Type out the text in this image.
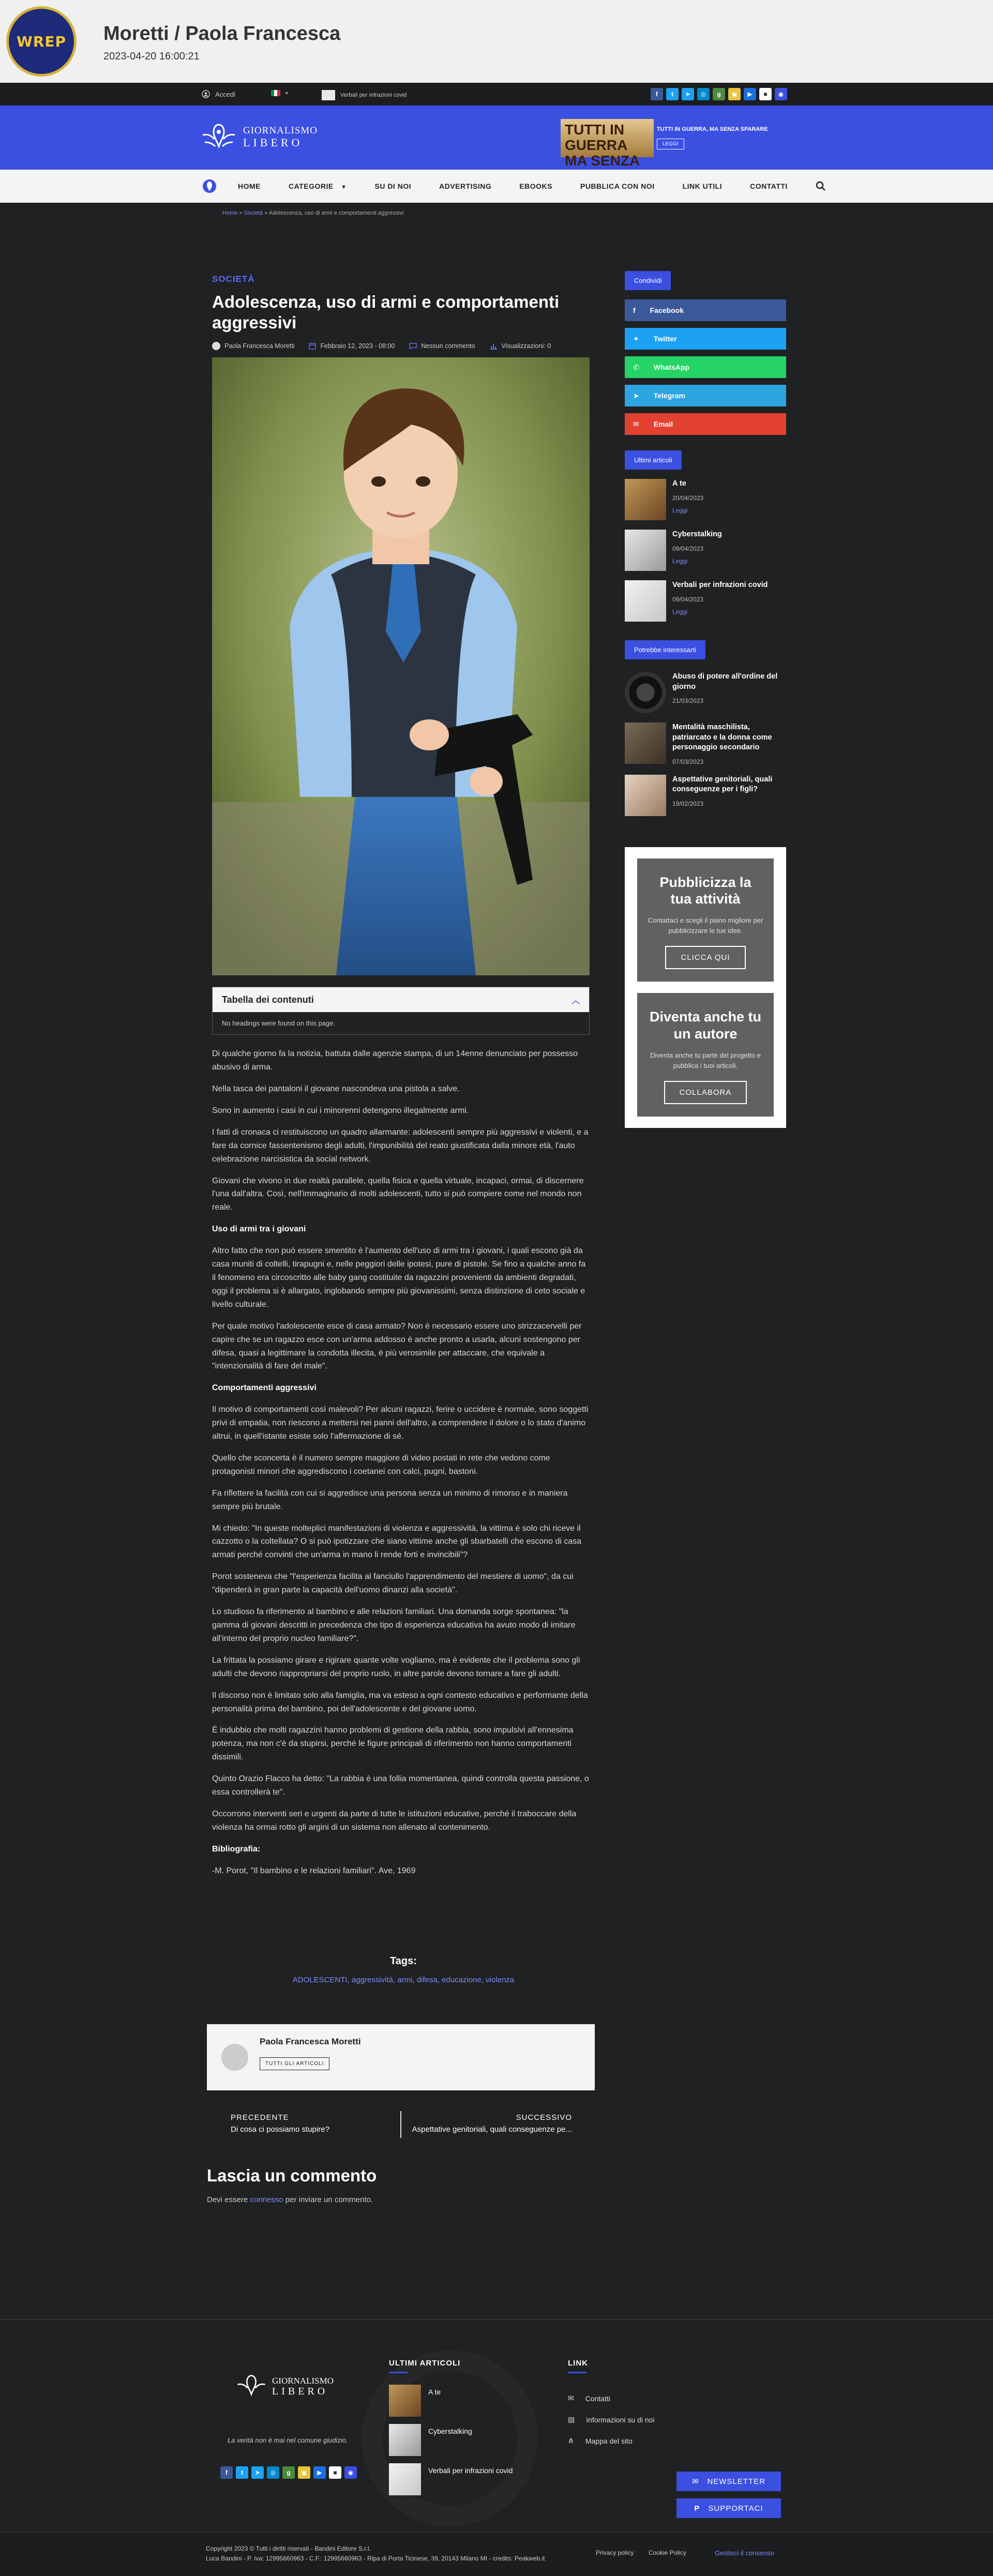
WREP Moretti / Paola Francesca
2023-04-20 16:00:21
Accedi	▾	Verbali per infrazioni covid	f	t	➤	◎	g	▣	▶	■	◉
GIORNALISMO
LIBERO
TUTTI IN GUERRA MA SENZA
TUTTI IN GUERRA, MA SENZA SPARARE
LEGGI
HOME	CATEGORIE ▼	SU DI NOI	ADVERTISING	EBOOKS	PUBBLICA CON NOI	LINK UTILI	CONTATTI
Home » Società » Adolescenza, uso di armi e comportamenti aggressivi
SOCIETÀ
Adolescenza, uso di armi e comportamenti aggressivi
Paola Francesca Moretti	Febbraio 12, 2023 - 08:00	Nessun commento	Visualizzazioni: 0
Tabella dei contenuti	︿
No headings were found on this page.

Di qualche giorno fa la notizia, battuta dalle agenzie stampa, di un 14enne denunciato per possesso abusivo di arma.

Nella tasca dei pantaloni il giovane nascondeva una pistola a salve.

Sono in aumento i casi in cui i minorenni detengono illegalmente armi.

I fatti di cronaca ci restituiscono un quadro allarmante: adolescenti sempre più aggressivi e violenti, e a fare da cornice fassentenismo degli adulti, l'impunibilità del reato giustificata dalla minore età, l'auto celebrazione narcisistica da social network.

Giovani che vivono in due realtà parallele, quella fisica e quella virtuale, incapaci, ormai, di discernere l'una dall'altra. Così, nell'immaginario di molti adolescenti, tutto si può compiere come nel mondo non reale.

Uso di armi tra i giovani

Altro fatto che non può essere smentito è l'aumento dell'uso di armi tra i giovani, i quali escono già da casa muniti di coltelli, tirapugni e, nelle peggiori delle ipotesi, pure di pistole. Se fino a qualche anno fa il fenomeno era circoscritto alle baby gang costituite da ragazzini provenienti da ambienti degradati, oggi il problema si è allargato, inglobando sempre più giovanissimi, senza distinzione di ceto sociale e livello culturale.

Per quale motivo l'adolescente esce di casa armato? Non è necessario essere uno strizzacervelli per capire che se un ragazzo esce con un'arma addosso è anche pronto a usarla, alcuni sostengono per difesa, quasi a legittimare la condotta illecita, è più verosimile per attaccare, che equivale a "intenzionalità di fare del male".

Comportamenti aggressivi

Il motivo di comportamenti così malevoli? Per alcuni ragazzi, ferire o uccidere è normale, sono soggetti privi di empatia, non riescono a mettersi nei panni dell'altro, a comprendere il dolore o lo stato d'animo altrui, in quell'istante esiste solo l'affermazione di sé.

Quello che sconcerta è il numero sempre maggiore di video postati in rete che vedono come protagonisti minori che aggrediscono i coetanei con calci, pugni, bastoni.

Fa riflettere la facilità con cui si aggredisce una persona senza un minimo di rimorso e in maniera sempre più brutale.

Mi chiedo: "In queste molteplici manifestazioni di violenza e aggressività, la vittima è solo chi riceve il cazzotto o la coltellata? O si può ipotizzare che siano vittime anche gli sbarbatelli che escono di casa armati perché convinti che un'arma in mano li rende forti e invincibili"?

Porot sosteneva che "l'esperienza facilita al fanciullo l'apprendimento del mestiere di uomo", da cui "dipenderà in gran parte la capacità dell'uomo dinanzi alla società".

Lo studioso fa riferimento al bambino e alle relazioni familiari. Una domanda sorge spontanea: "la gamma di giovani descritti in precedenza che tipo di esperienza educativa ha avuto modo di imitare all'interno del proprio nucleo familiare?".

La frittata la possiamo girare e rigirare quante volte vogliamo, ma è evidente che il problema sono gli adulti che devono riappropriarsi del proprio ruolo, in altre parole devono tornare a fare gli adulti.

Il discorso non è limitato solo alla famiglia, ma va esteso a ogni contesto educativo e performante della personalità prima del bambino, poi dell'adolescente e del giovane uomo.

È indubbio che molti ragazzini hanno problemi di gestione della rabbia, sono impulsivi all'ennesima potenza, ma non c'è da stupirsi, perché le figure principali di riferimento non hanno comportamenti dissimili.

Quinto Orazio Flacco ha detto: "La rabbia è una follia momentanea, quindi controlla questa passione, o essa controllerà te".

Occorrono interventi seri e urgenti da parte di tutte le istituzioni educative, perché il traboccare della violenza ha ormai rotto gli argini di un sistema non allenato al contenimento.

Bibliografia:

-M. Porot, "Il bambino e le relazioni familiari". Ave, 1969

Condividi
f Facebook
✦ Twitter
✆ WhatsApp
➤ Telegram
✉ Email
Ultimi articoli
A te
20/04/2023
Leggi
Cyberstalking
09/04/2023
Leggi
Verbali per infrazioni covid
09/04/2023
Leggi
Potrebbe interessarti
Abuso di potere all'ordine del giorno
21/03/2023
Mentalità maschilista, patriarcato e la donna come personaggio secondario
07/03/2023
Aspettative genitoriali, quali conseguenze per i figli?
19/02/2023
Pubblicizza la tua attività
Contattaci e scegli il piano migliore per pubblicizzare le tue idee.
CLICCA QUI
Diventa anche tu un autore
Diventa anche tu parte del progetto e pubblica i tuoi articoli.
COLLABORA
Tags:
ADOLESCENTI, aggressività, armi, difesa, educazione, violenza
Paola Francesca Moretti
TUTTI GLI ARTICOLI
PRECEDENTE
Di cosa ci possiamo stupire?
SUCCESSIVO
Aspettative genitoriali, quali conseguenze pe...
Lascia un commento
Devi essere connesso per inviare un commento.
GIORNALISMO
LIBERO
La verità non è mai nel comune giudizio.
f	t	➤	◎	g	▣	▶	■	◉
ULTIMI ARTICOLI
A te
Cyberstalking
Verbali per infrazioni covid
LINK
✉ Contatti
▤ Informazioni su di noi
⋔ Mappa del sito
✉ NEWSLETTER
P SUPPORTACI
Copyright 2023 © Tutti i diritti riservati - Bandini Editore S.r.l.
Luca Bandini - P. Iva: 12995660963 - C.F.: 12995660963 - Ripa di Porta Ticinese, 39, 20143 Milano MI - credits: Peakweb.it
Privacy policy Cookie Policy	Gestisci il consenso
